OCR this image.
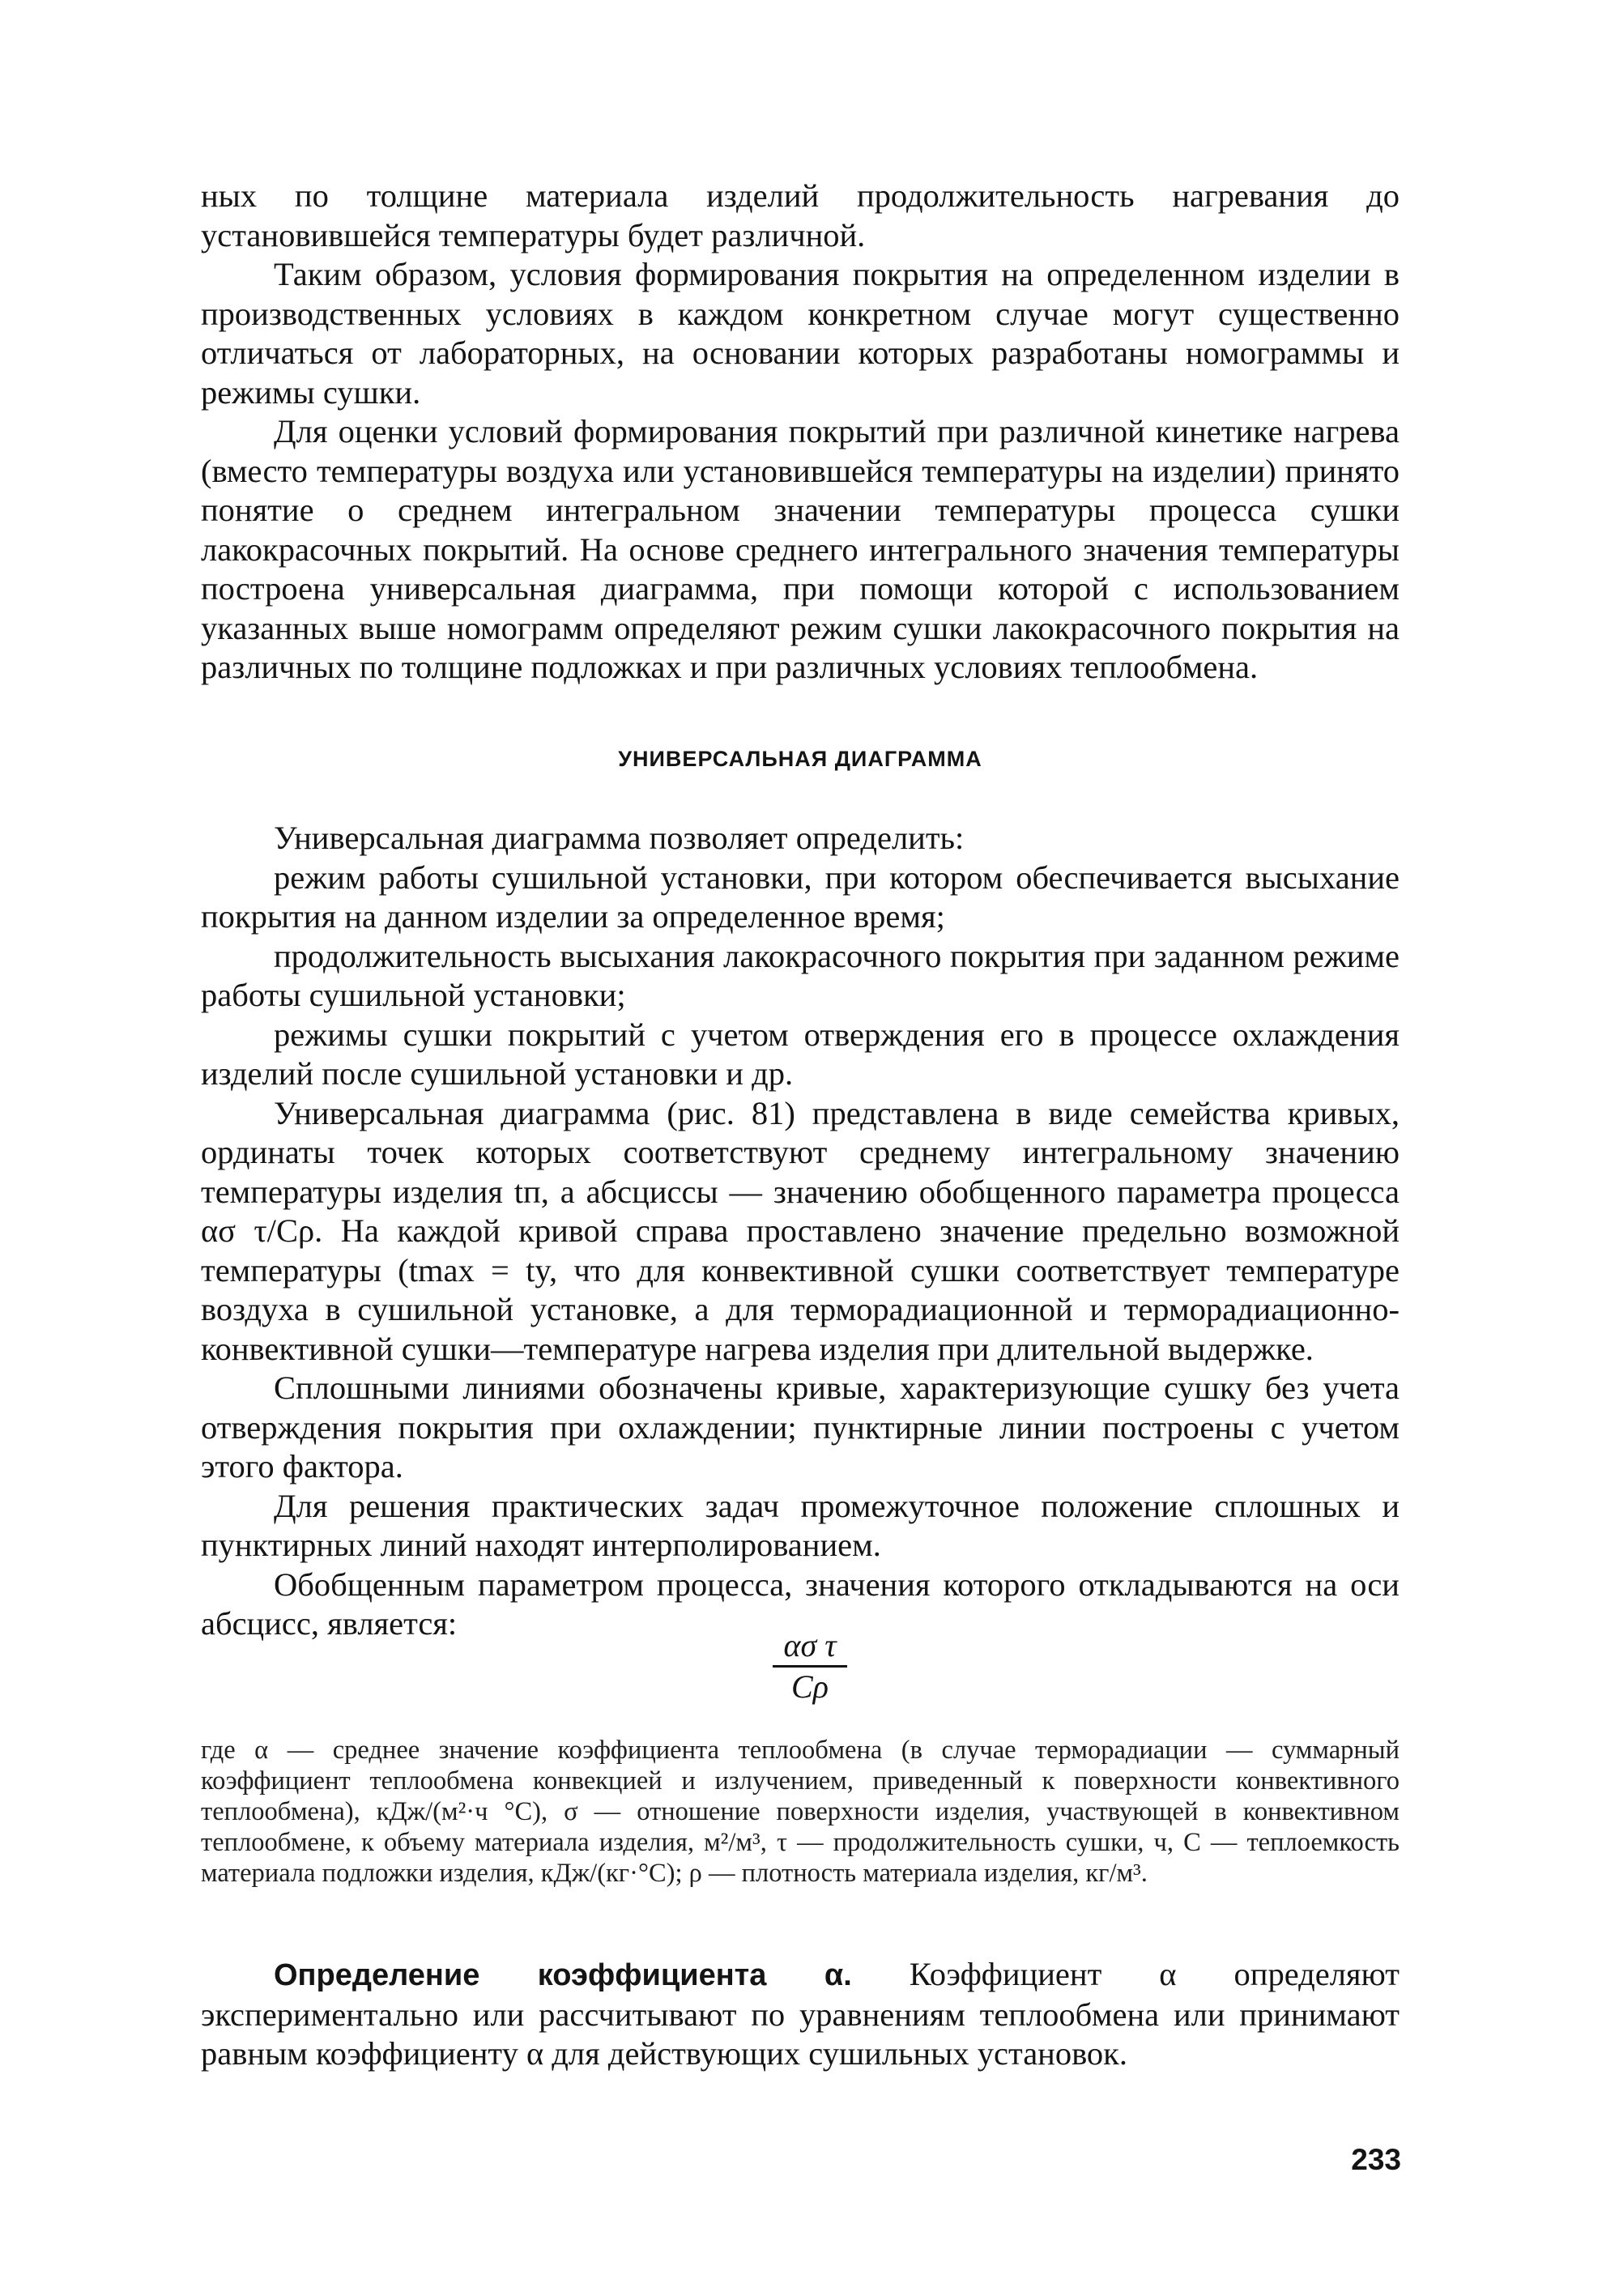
ных по толщине материала изделий продолжительность нагревания до установившейся температуры будет различной.

Таким образом, условия формирования покрытия на определенном изделии в производственных условиях в каждом конкретном случае могут существенно отличаться от лабораторных, на основании которых разработаны номограммы и режимы сушки.

Для оценки условий формирования покрытий при различной кинетике нагрева (вместо температуры воздуха или установившейся температуры на изделии) принято понятие о среднем интегральном значении температуры процесса сушки лакокрасочных покрытий. На основе среднего интегрального значения температуры построена универсальная диаграмма, при помощи которой с использованием указанных выше номограмм определяют режим сушки лакокрасочного покрытия на различных по толщине подложках и при различных условиях теплообмена.

УНИВЕРСАЛЬНАЯ ДИАГРАММА

Универсальная диаграмма позволяет определить:

режим работы сушильной установки, при котором обеспечивается высыхание покрытия на данном изделии за определенное время;

продолжительность высыхания лакокрасочного покрытия при заданном режиме работы сушильной установки;

режимы сушки покрытий с учетом отверждения его в процессе охлаждения изделий после сушильной установки и др.

Универсальная диаграмма (рис. 81) представлена в виде семейства кривых, ординаты точек которых соответствуют среднему интегральному значению температуры изделия tп, а абсциссы — значению обобщенного параметра процесса ασ τ/Cρ. На каждой кривой справа проставлено значение предельно возможной температуры (tmax = ty, что для конвективной сушки соответствует температуре воздуха в сушильной установке, а для терморадиационной и терморадиационно-конвективной сушки—температуре нагрева изделия при длительной выдержке.

Сплошными линиями обозначены кривые, характеризующие сушку без учета отверждения покрытия при охлаждении; пунктирные линии построены с учетом этого фактора.

Для решения практических задач промежуточное положение сплошных и пунктирных линий находят интерполированием.

Обобщенным параметром процесса, значения которого откладываются на оси абсцисс, является:

ασ τ
Cρ

где α — среднее значение коэффициента теплообмена (в случае терморадиации — суммарный коэффициент теплообмена конвекцией и излучением, приведенный к поверхности конвективного теплообмена), кДж/(м²·ч °С), σ — отношение поверхности изделия, участвующей в конвективном теплообмене, к объему материала изделия, м²/м³, τ — продолжительность сушки, ч, С — теплоемкость материала подложки изделия, кДж/(кг·°С); ρ — плотность материала изделия, кг/м³.

Определение коэффициента α. Коэффициент α определяют экспериментально или рассчитывают по уравнениям теплообмена или принимают равным коэффициенту α для действующих сушильных установок.

233
